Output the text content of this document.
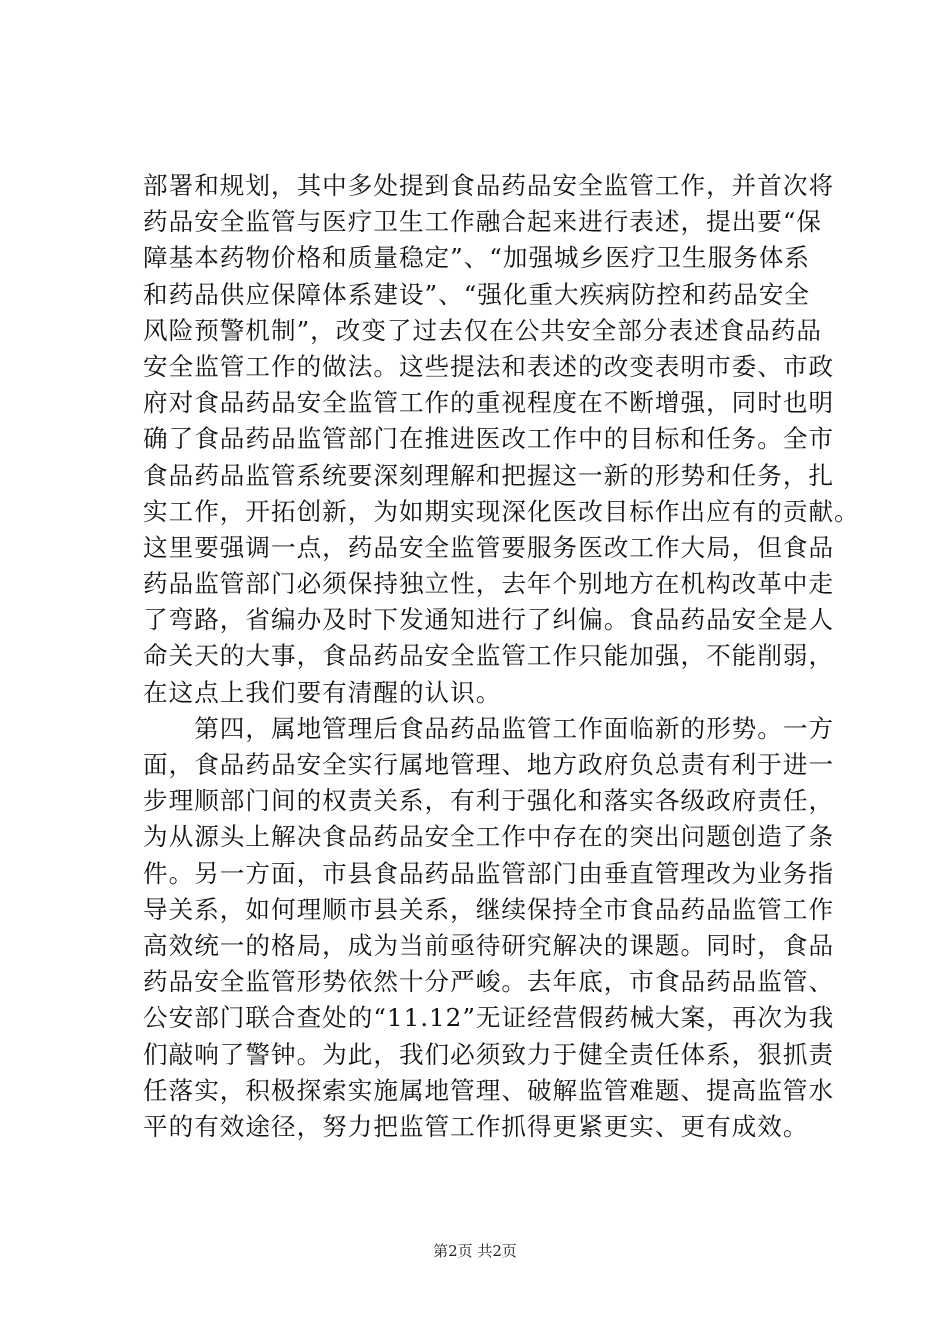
部署和规划，其中多处提到食品药品安全监管工作，并首次将
药品安全监管与医疗卫生工作融合起来进行表述，提出要“保
障基本药物价格和质量稳定”、“加强城乡医疗卫生服务体系
和药品供应保障体系建设”、“强化重大疾病防控和药品安全
风险预警机制”，改变了过去仅在公共安全部分表述食品药品
安全监管工作的做法。这些提法和表述的改变表明市委、市政
府对食品药品安全监管工作的重视程度在不断增强，同时也明
确了食品药品监管部门在推进医改工作中的目标和任务。全市
食品药品监管系统要深刻理解和把握这一新的形势和任务，扎
实工作，开拓创新，为如期实现深化医改目标作出应有的贡献。
这里要强调一点，药品安全监管要服务医改工作大局，但食品
药品监管部门必须保持独立性，去年个别地方在机构改革中走
了弯路，省编办及时下发通知进行了纠偏。食品药品安全是人
命关天的大事，食品药品安全监管工作只能加强，不能削弱，
在这点上我们要有清醒的认识。
　　第四，属地管理后食品药品监管工作面临新的形势。一方
面，食品药品安全实行属地管理、地方政府负总责有利于进一
步理顺部门间的权责关系，有利于强化和落实各级政府责任，
为从源头上解决食品药品安全工作中存在的突出问题创造了条
件。另一方面，市县食品药品监管部门由垂直管理改为业务指
导关系，如何理顺市县关系，继续保持全市食品药品监管工作
高效统一的格局，成为当前亟待研究解决的课题。同时，食品
药品安全监管形势依然十分严峻。去年底，市食品药品监管、
公安部门联合查处的“11.12”无证经营假药械大案，再次为我
们敲响了警钟。为此，我们必须致力于健全责任体系，狠抓责
任落实，积极探索实施属地管理、破解监管难题、提高监管水
平的有效途径，努力把监管工作抓得更紧更实、更有成效。
第2页 共2页
